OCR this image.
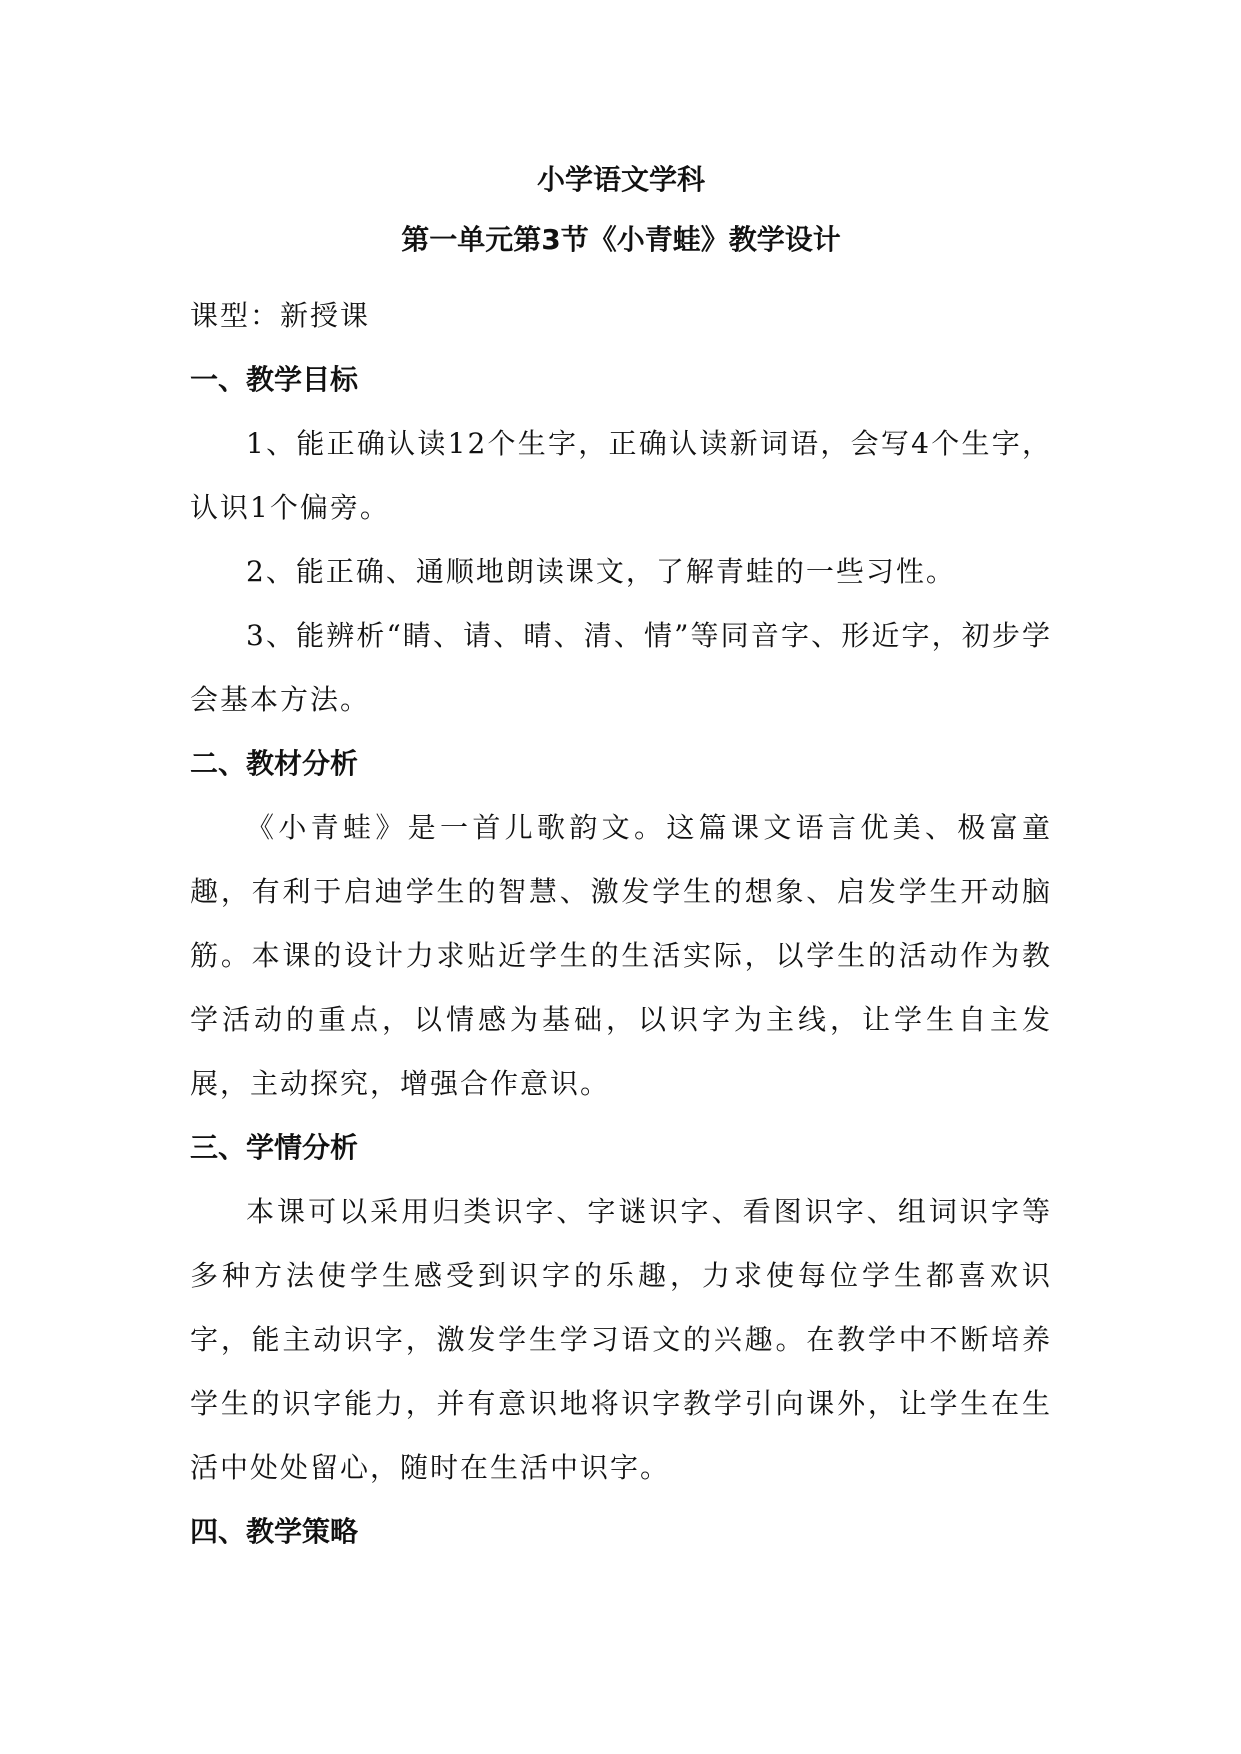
小学语文学科
第一单元第3节《小青蛙》教学设计

课型：新授课

一、教学目标

1、能正确认读12个生字，正确认读新词语，会写4个生字，认识1个偏旁。

2、能正确、通顺地朗读课文，了解青蛙的一些习性。

3、能辨析“睛、请、晴、清、情”等同音字、形近字，初步学会基本方法。

二、教材分析

《小青蛙》是一首儿歌韵文。这篇课文语言优美、极富童趣，有利于启迪学生的智慧、激发学生的想象、启发学生开动脑筋。本课的设计力求贴近学生的生活实际，以学生的活动作为教学活动的重点，以情感为基础，以识字为主线，让学生自主发展，主动探究，增强合作意识。

三、学情分析

本课可以采用归类识字、字谜识字、看图识字、组词识字等多种方法使学生感受到识字的乐趣，力求使每位学生都喜欢识字，能主动识字，激发学生学习语文的兴趣。在教学中不断培养学生的识字能力，并有意识地将识字教学引向课外，让学生在生活中处处留心，随时在生活中识字。

四、教学策略
